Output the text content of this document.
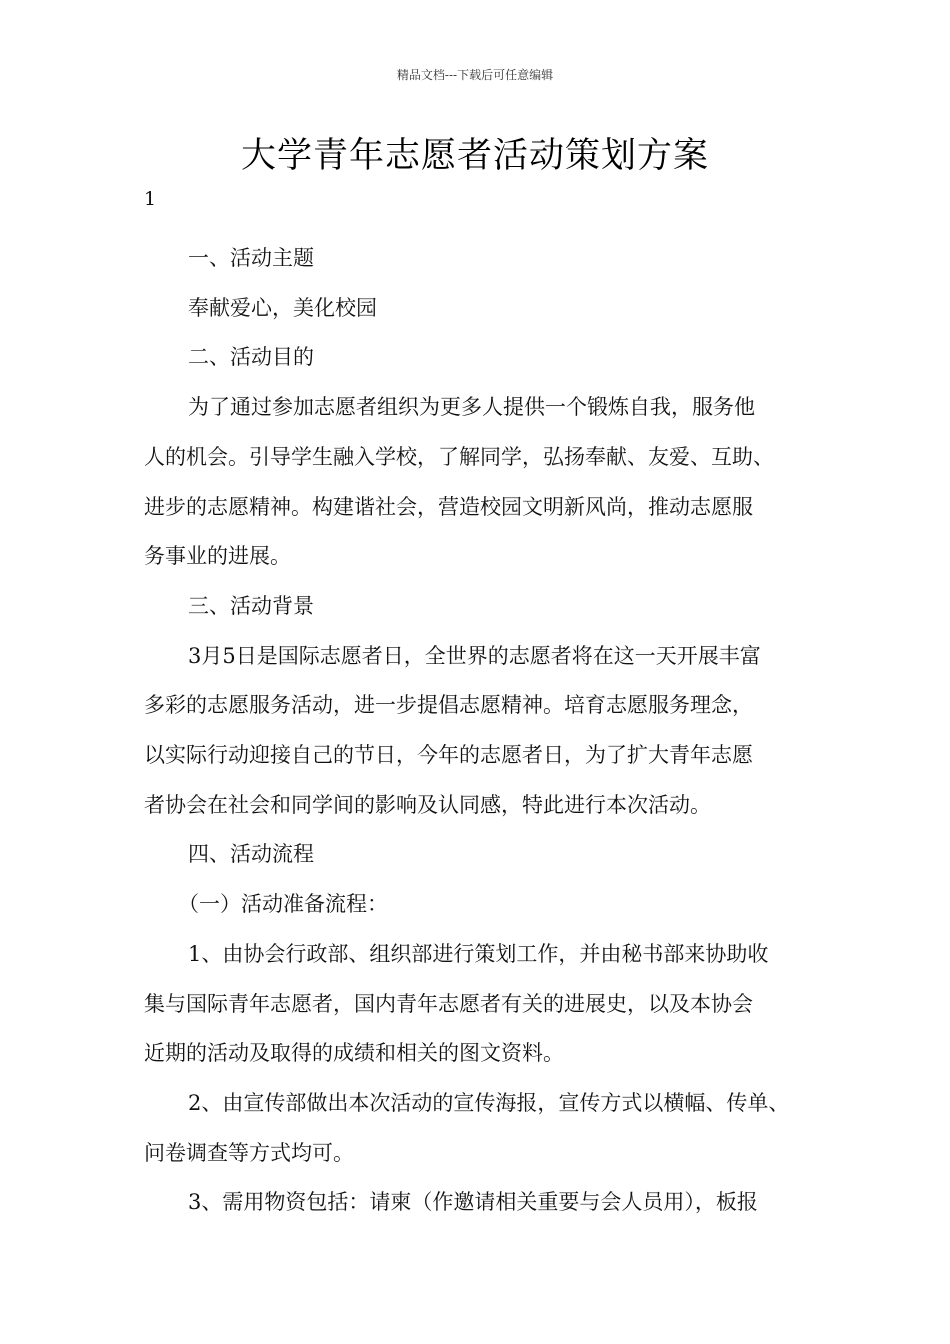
精品文档---下载后可任意编辑
大学青年志愿者活动策划方案
1

一、活动主题

奉献爱心，美化校园

二、活动目的

为了通过参加志愿者组织为更多人提供一个锻炼自我，服务他

人的机会。引导学生融入学校，了解同学，弘扬奉献、友爱、互助、

进步的志愿精神。构建谐社会，营造校园文明新风尚，推动志愿服

务事业的进展。

三、活动背景

3月5日是国际志愿者日，全世界的志愿者将在这一天开展丰富

多彩的志愿服务活动，进一步提倡志愿精神。培育志愿服务理念，

以实际行动迎接自己的节日，今年的志愿者日，为了扩大青年志愿

者协会在社会和同学间的影响及认同感，特此进行本次活动。

四、活动流程

（一）活动准备流程：

1、由协会行政部、组织部进行策划工作，并由秘书部来协助收

集与国际青年志愿者，国内青年志愿者有关的进展史，以及本协会

近期的活动及取得的成绩和相关的图文资料。

2、由宣传部做出本次活动的宣传海报，宣传方式以横幅、传单、

问卷调查等方式均可。

3、需用物资包括：请柬（作邀请相关重要与会人员用），板报
